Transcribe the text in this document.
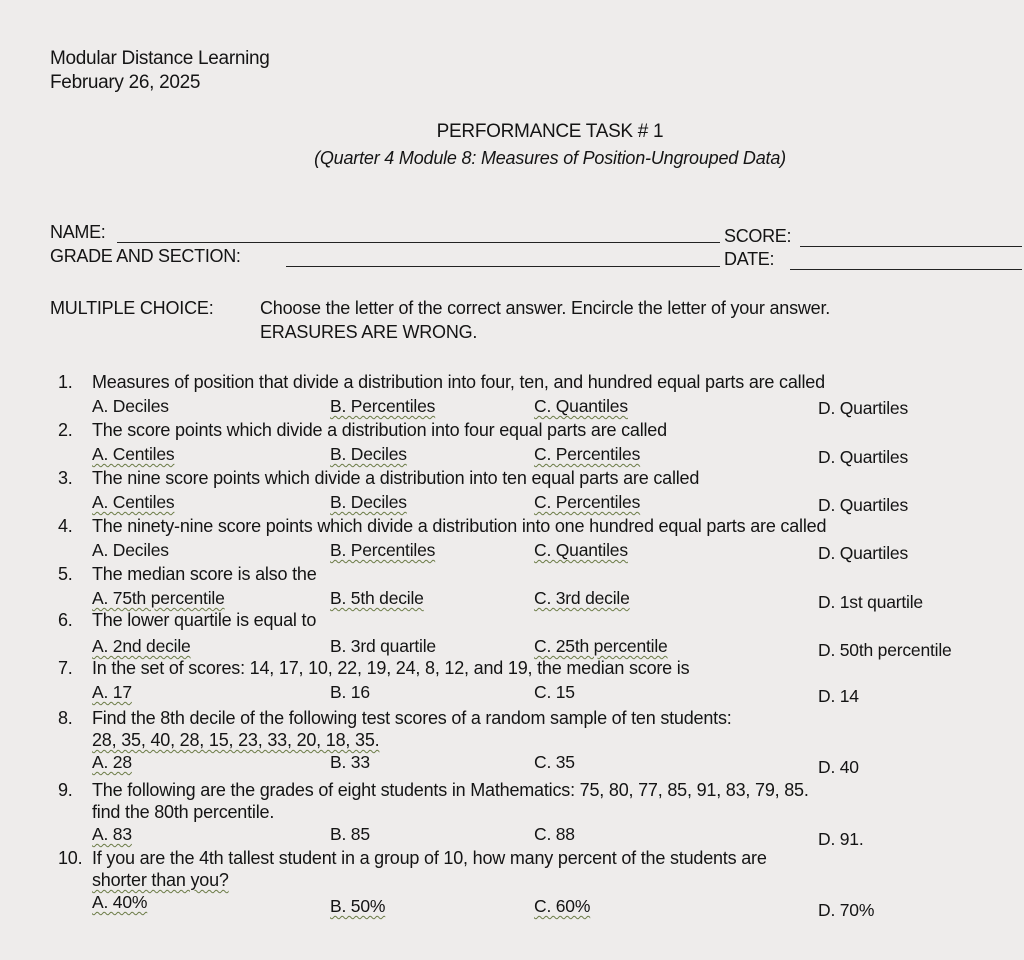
Modular Distance Learning
February 26, 2025
PERFORMANCE TASK # 1
(Quarter 4 Module 8: Measures of Position-Ungrouped Data)
NAME:
GRADE AND SECTION:
SCORE:
DATE:
MULTIPLE CHOICE:	Choose the letter of the correct answer. Encircle the letter of your answer.
ERASURES ARE WRONG.
1. Measures of position that divide a distribution into four, ten, and hundred equal parts are called
A. Deciles	B. Percentiles	C. Quantiles	D. Quartiles
2. The score points which divide a distribution into four equal parts are called
A. Centiles	B. Deciles	C. Percentiles	D. Quartiles
3. The nine score points which divide a distribution into ten equal parts are called
A. Centiles	B. Deciles	C. Percentiles	D. Quartiles
4. The ninety-nine score points which divide a distribution into one hundred equal parts are called
A. Deciles	B. Percentiles	C. Quantiles	D. Quartiles
5. The median score is also the
A. 75th percentile	B. 5th decile	C. 3rd decile	D. 1st quartile
6. The lower quartile is equal to
A. 2nd decile	B. 3rd quartile	C. 25th percentile	D. 50th percentile
7. In the set of scores: 14, 17, 10, 22, 19, 24, 8, 12, and 19, the median score is
A. 17	B. 16	C. 15	D. 14
8. Find the 8th decile of the following test scores of a random sample of ten students:
28, 35, 40, 28, 15, 23, 33, 20, 18, 35.
A. 28	B. 33	C. 35	D. 40
9. The following are the grades of eight students in Mathematics: 75, 80, 77, 85, 91, 83, 79, 85.
find the 80th percentile.
A. 83	B. 85	C. 88	D. 91.
10. If you are the 4th tallest student in a group of 10, how many percent of the students are
shorter than you?
A. 40%	B. 50%	C. 60%	D. 70%
